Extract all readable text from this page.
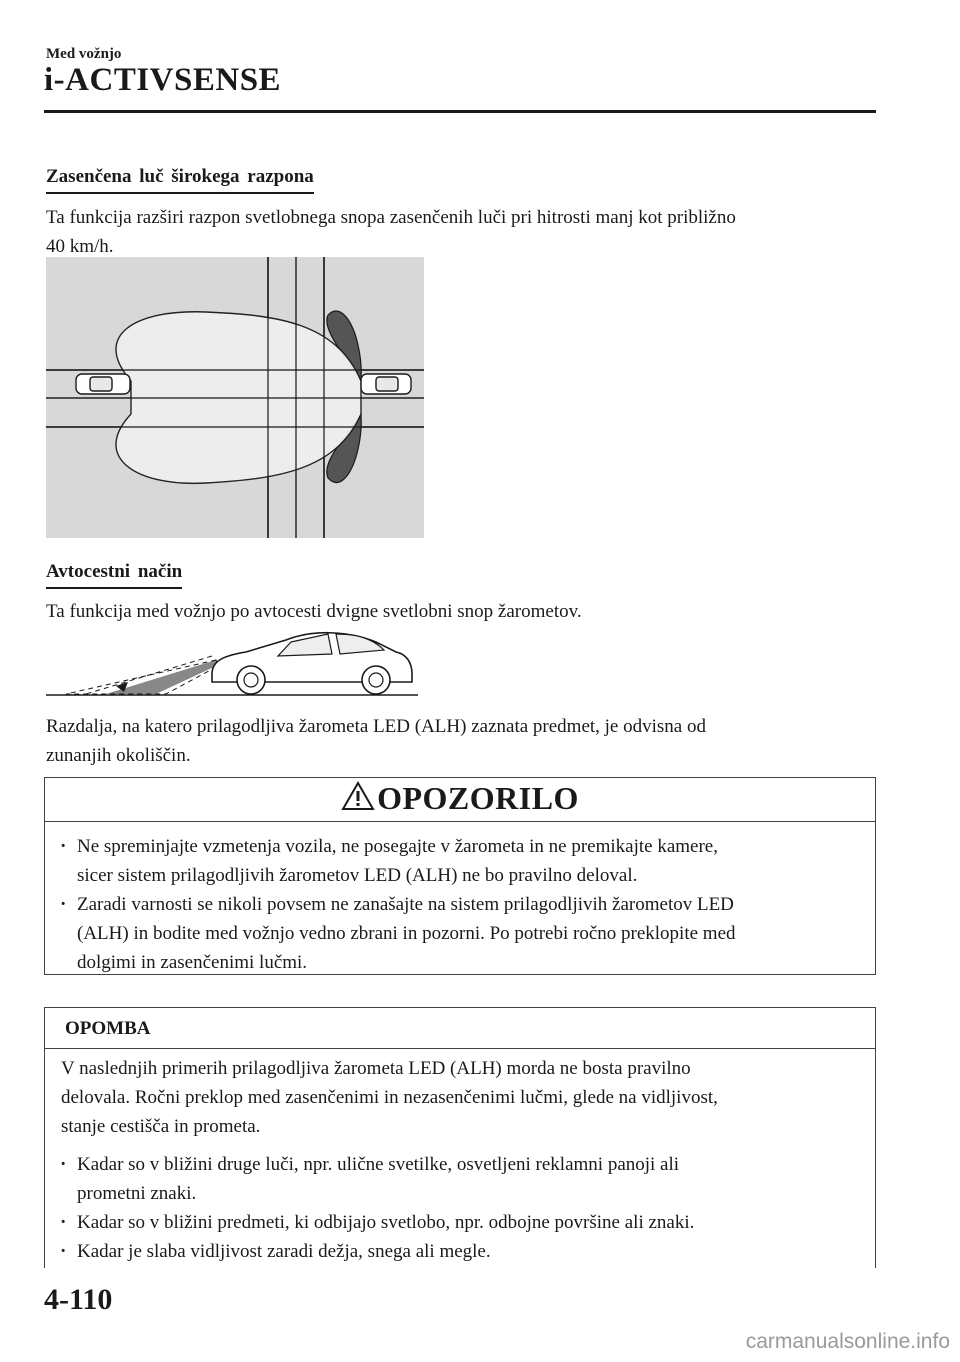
Med vožnjo
i-ACTIVSENSE
Zasenčena luč širokega razpona
Ta funkcija razširi razpon svetlobnega snopa zasenčenih luči pri hitrosti manj kot približno
40 km/h.
Avtocestni način
Ta funkcija med vožnjo po avtocesti dvigne svetlobni snop žarometov.
Razdalja, na katero prilagodljiva žarometa LED (ALH) zaznata predmet, je odvisna od
zunanjih okoliščin.
OPOZORILO
· Ne spreminjajte vzmetenja vozila, ne posegajte v žarometa in ne premikajte kamere,
sicer sistem prilagodljivih žarometov LED (ALH) ne bo pravilno deloval.
· Zaradi varnosti se nikoli povsem ne zanašajte na sistem prilagodljivih žarometov LED
(ALH) in bodite med vožnjo vedno zbrani in pozorni. Po potrebi ročno preklopite med
dolgimi in zasenčenimi lučmi.
OPOMBA
V naslednjih primerih prilagodljiva žarometa LED (ALH) morda ne bosta pravilno
delovala. Ročni preklop med zasenčenimi in nezasenčenimi lučmi, glede na vidljivost,
stanje cestišča in prometa.
· Kadar so v bližini druge luči, npr. ulične svetilke, osvetljeni reklamni panoji ali
prometni znaki.
· Kadar so v bližini predmeti, ki odbijajo svetlobo, npr. odbojne površine ali znaki.
· Kadar je slaba vidljivost zaradi dežja, snega ali megle.
4-110
carmanualsonline.info
